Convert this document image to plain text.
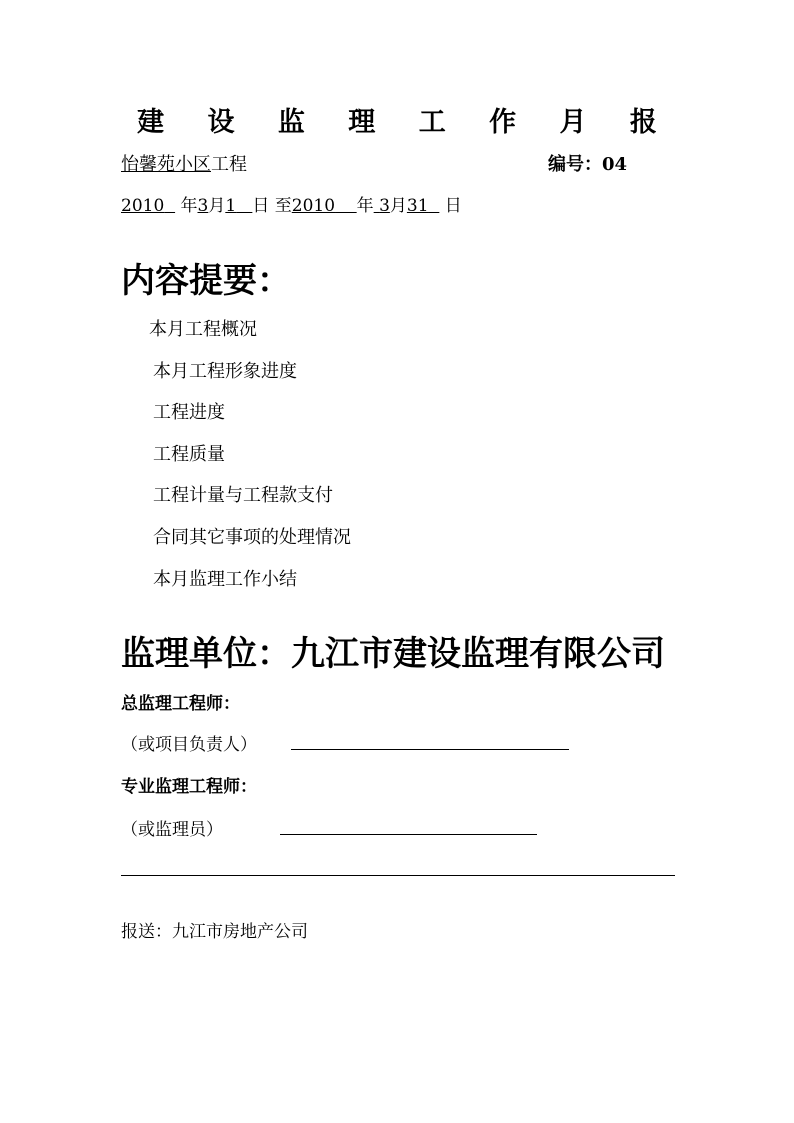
建 设 监 理 工 作 月 报
怡馨苑小区工程	编号：04
2010 年3月1 日 至2010 年 3月31 日
内容提要：
本月工程概况
本月工程形象进度
工程进度
工程质量
工程计量与工程款支付
合同其它事项的处理情况
本月监理工作小结
监理单位：九江市建设监理有限公司
总监理工程师：
（或项目负责人）
专业监理工程师：
（或监理员）
报送：九江市房地产公司
